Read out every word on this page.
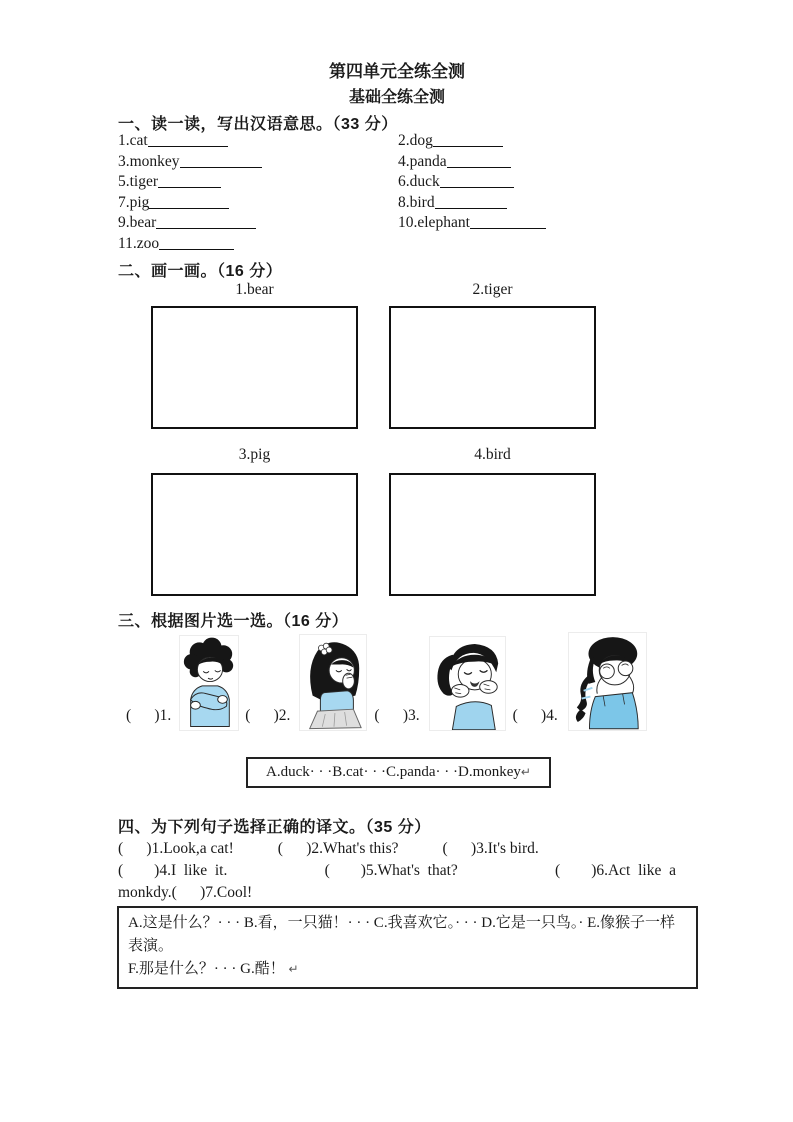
第四单元全练全测
基础全练全测
一、读一读，写出汉语意思。（33 分）
1.cat	2.dog
3.monkey	4.panda
5.tiger	6.duck
7.pig	8.bird
9.bear	10.elephant
11.zoo
二、画一画。（16 分）
1.bear	2.tiger
3.pig	4.bird
三、根据图片选一选。（16 分）
(      )1.	(      )2.	(      )3.	(      )4.
A.duck· · ·B.cat· · ·C.panda· · ·D.monkey↵
四、为下列句子选择正确的译文。（35 分）
(      )1.Look,a cat!	(      )2.What's this?	(      )3.It's bird.
(        )4.I  like  it.	(        )5.What's  that?	(        )6.Act  like  a
monkdy.(      )7.Cool!
A.这是什么？· · · B.看，一只猫！· · · C.我喜欢它。· · · D.它是一只鸟。· E.像猴子一样表演。
F.那是什么？· · · G.酷！ ↵
